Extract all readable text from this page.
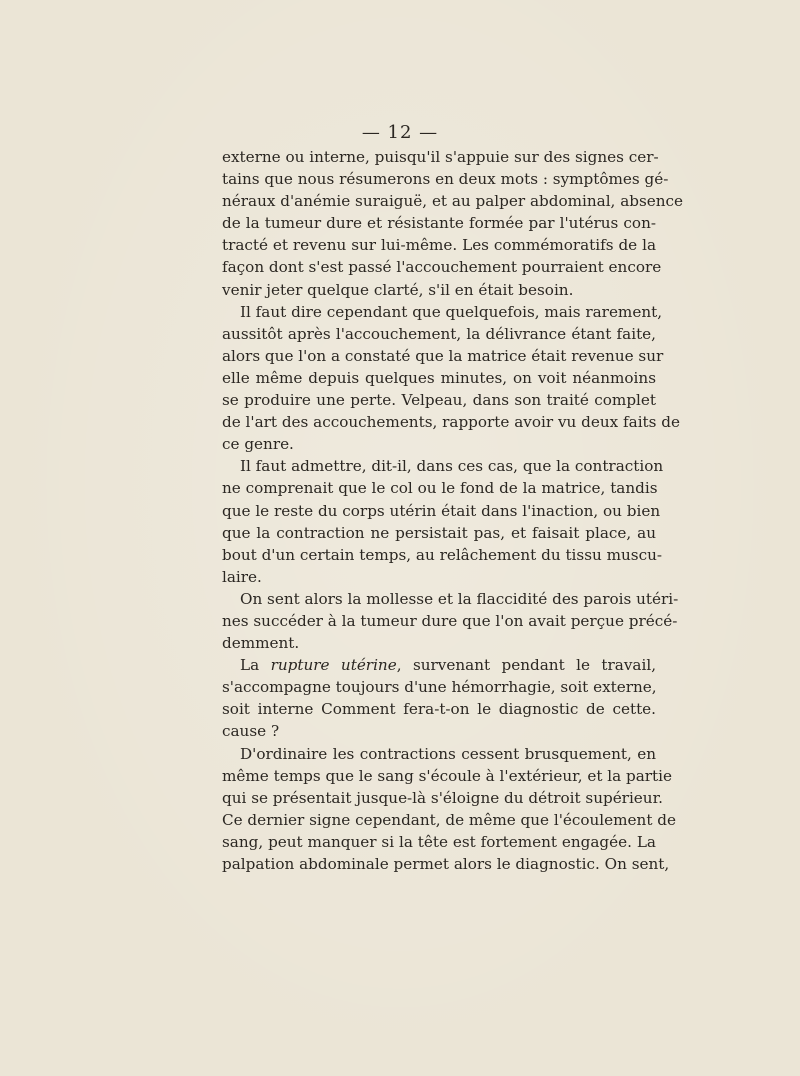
— 12 —
externe ou interne, puisqu'il s'appuie sur des signes cer-
tains que nous résumerons en deux mots : symptômes gé-
néraux d'anémie suraiguë, et au palper abdominal, absence
de la tumeur dure et résistante formée par l'utérus con-
tracté et revenu sur lui-même. Les commémoratifs de la
façon dont s'est passé l'accouchement pourraient encore
venir jeter quelque clarté, s'il en était besoin.
Il faut dire cependant que quelquefois, mais rarement,
aussitôt après l'accouchement, la délivrance étant faite,
alors que l'on a constaté que la matrice était revenue sur
elle même depuis quelques minutes, on voit néanmoins
se produire une perte. Velpeau, dans son traité complet
de l'art des accouchements, rapporte avoir vu deux faits de
ce genre.
Il faut admettre, dit-il, dans ces cas, que la contraction
ne comprenait que le col ou le fond de la matrice, tandis
que le reste du corps utérin était dans l'inaction, ou bien
que la contraction ne persistait pas, et faisait place, au
bout d'un certain temps, au relâchement du tissu muscu-
laire.
On sent alors la mollesse et la flaccidité des parois utéri-
nes succéder à la tumeur dure que l'on avait perçue précé-
demment.
La rupture utérine, survenant pendant le travail,
s'accompagne toujours d'une hémorrhagie, soit externe,
soit interne Comment fera-t-on le diagnostic de cette.
cause ?
D'ordinaire les contractions cessent brusquement, en
même temps que le sang s'écoule à l'extérieur, et la partie
qui se présentait jusque-là s'éloigne du détroit supérieur.
Ce dernier signe cependant, de même que l'écoulement de
sang, peut manquer si la tête est fortement engagée. La
palpation abdominale permet alors le diagnostic. On sent,
